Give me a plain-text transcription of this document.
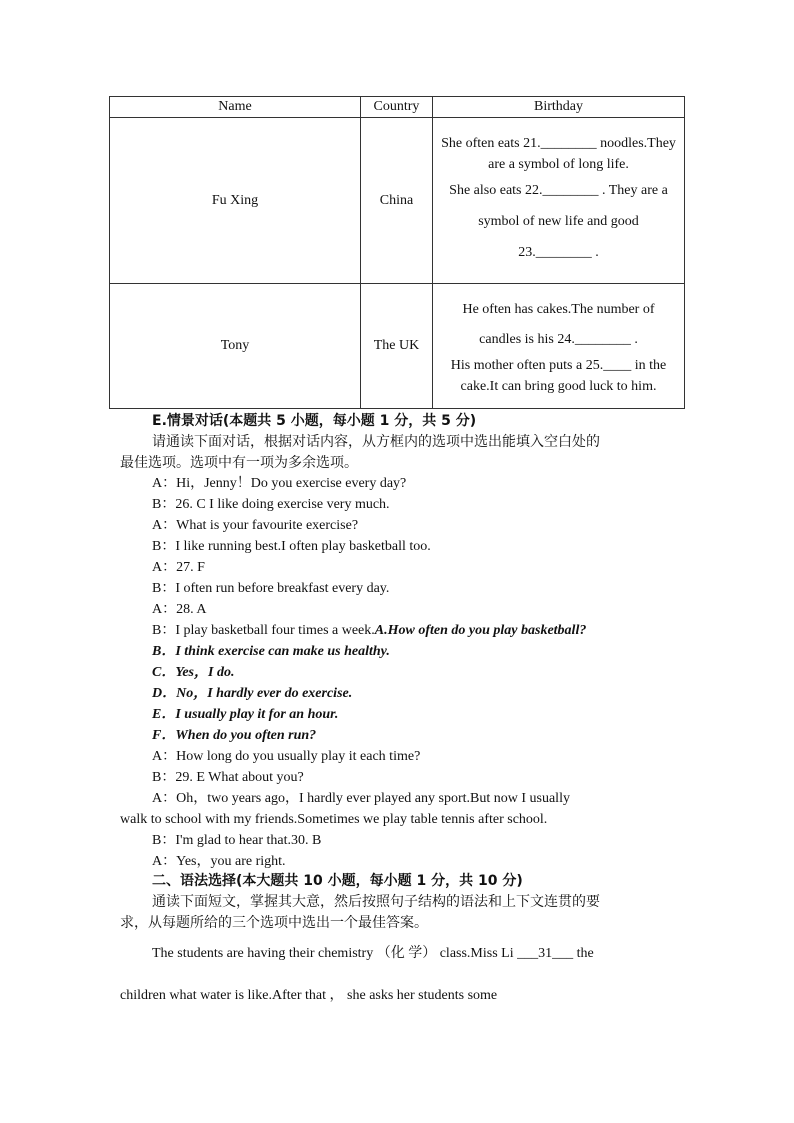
Name	Country	Birthday
Fu Xing	China	She often eats 21.________ noodles.They are a symbol of long life.

She also eats 22.________ . They are a symbol of new life and good 23.________ .

Tony	The UK	He often has cakes.The number of candles is his 24.________ .

His mother often puts a 25.____ in the cake.It can bring good luck to him.

E.情景对话(本题共 5 小题，每小题 1 分，共 5 分)
请通读下面对话，根据对话内容，从方框内的选项中选出能填入空白处的
最佳选项。选项中有一项为多余选项。
A：Hi，Jenny！Do you exercise every day?
B：26. C I like doing exercise very much.
A：What is your favourite exercise?
B：I like running best.I often play basketball too.
A：27. F
B：I often run before breakfast every day.
A：28. A
B：I play basketball four times a week.A.How often do you play basketball?
B．I think exercise can make us healthy.
C．Yes，I do.
D．No，I hardly ever do exercise.
E．I usually play it for an hour.
F．When do you often run?
A：How long do you usually play it each time?
B：29. E What about you?
A：Oh，two years ago，I hardly ever played any sport.But now I usually
walk to school with my friends.Sometimes we play table tennis after school.
B：I'm glad to hear that.30. B
A：Yes，you are right.
二、语法选择(本大题共 10 小题，每小题 1 分，共 10 分)
通读下面短文，掌握其大意，然后按照句子结构的语法和上下文连贯的要
求，从每题所给的三个选项中选出一个最佳答案。
The students are having their chemistry （化 学） class.Miss Li ___31___ the
children what water is like.After that ， she asks her students some
